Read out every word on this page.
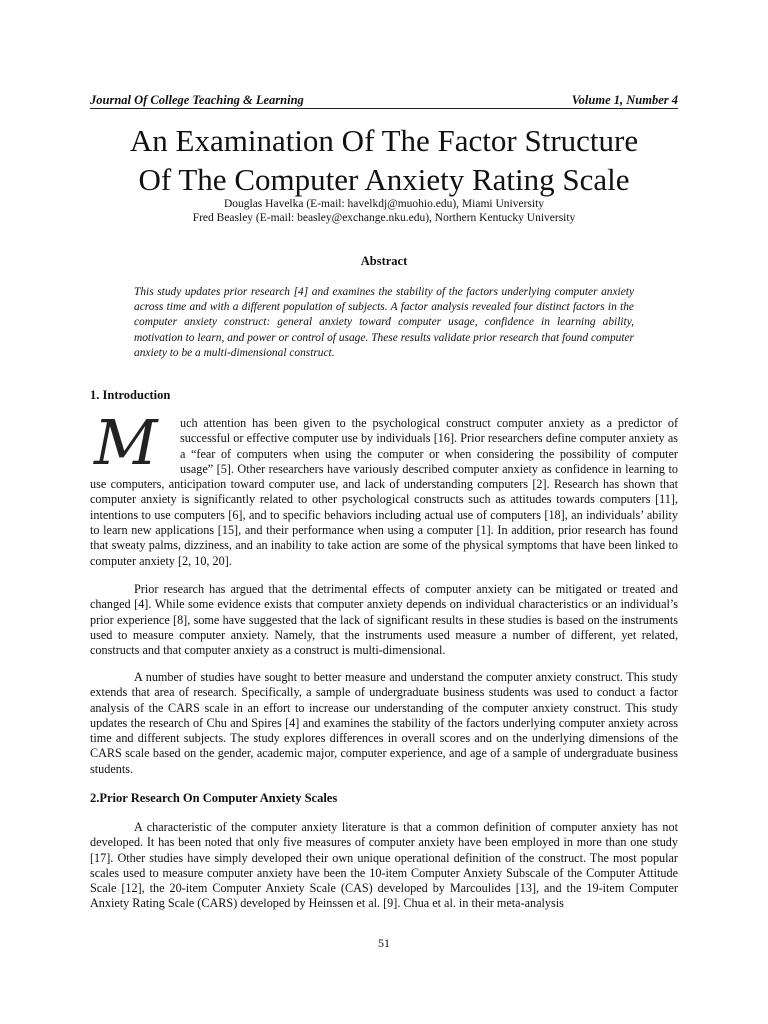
Journal Of College Teaching & Learning	Volume 1, Number 4
An Examination Of The Factor Structure
Of The Computer Anxiety Rating Scale
Douglas Havelka (E-mail: havelkdj@muohio.edu), Miami University
Fred Beasley (E-mail: beasley@exchange.nku.edu), Northern Kentucky University
Abstract
This study updates prior research [4] and examines the stability of the factors underlying computer anxiety across time and with a different population of subjects. A factor analysis revealed four distinct factors in the computer anxiety construct: general anxiety toward computer usage, confidence in learning ability, motivation to learn, and power or control of usage. These results validate prior research that found computer anxiety to be a multi-dimensional construct.
1. Introduction

M	uch attention has been given to the psychological construct computer anxiety as a predictor of successful or effective computer use by individuals [16]. Prior researchers define computer anxiety as a “fear of computers when using the computer or when considering the possibility of computer usage” [5]. Other researchers have variously described computer anxiety as confidence in learning to use computers, anticipation toward computer use, and lack of understanding computers [2]. Research has shown that computer anxiety is significantly related to other psychological constructs such as attitudes towards computers [11], intentions to use computers [6], and to specific behaviors including actual use of computers [18], an individuals’ ability to learn new applications [15], and their performance when using a computer [1]. In addition, prior research has found that sweaty palms, dizziness, and an inability to take action are some of the physical symptoms that have been linked to computer anxiety [2, 10, 20].

Prior research has argued that the detrimental effects of computer anxiety can be mitigated or treated and changed [4]. While some evidence exists that computer anxiety depends on individual characteristics or an individual’s prior experience [8], some have suggested that the lack of significant results in these studies is based on the instruments used to measure computer anxiety. Namely, that the instruments used measure a number of different, yet related, constructs and that computer anxiety as a construct is multi-dimensional.

A number of studies have sought to better measure and understand the computer anxiety construct. This study extends that area of research. Specifically, a sample of undergraduate business students was used to conduct a factor analysis of the CARS scale in an effort to increase our understanding of the computer anxiety construct. This study updates the research of Chu and Spires [4] and examines the stability of the factors underlying computer anxiety across time and different subjects. The study explores differences in overall scores and on the underlying dimensions of the CARS scale based on the gender, academic major, computer experience, and age of a sample of undergraduate business students.

2.Prior Research On Computer Anxiety Scales

A characteristic of the computer anxiety literature is that a common definition of computer anxiety has not developed. It has been noted that only five measures of computer anxiety have been employed in more than one study [17]. Other studies have simply developed their own unique operational definition of the construct. The most popular scales used to measure computer anxiety have been the 10-item Computer Anxiety Subscale of the Computer Attitude Scale [12], the 20-item Computer Anxiety Scale (CAS) developed by Marcoulides [13], and the 19-item Computer Anxiety Rating Scale (CARS) developed by Heinssen et al. [9]. Chua et al. in their meta-analysis

51
